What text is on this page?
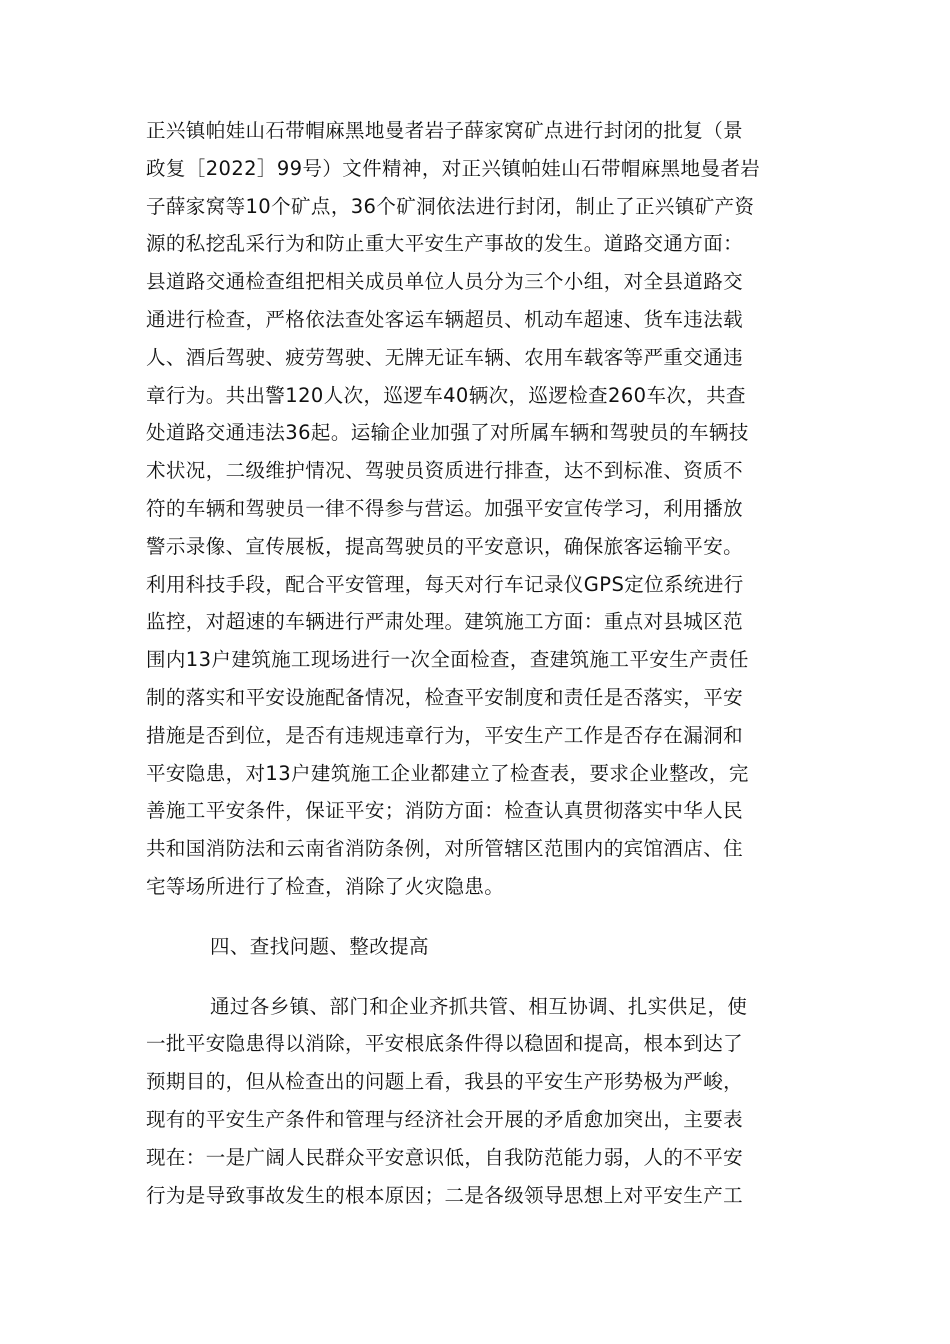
正兴镇帕娃山石带帽麻黑地曼者岩子薛家窝矿点进行封闭的批复（景
政复［2022］99号）文件精神，对正兴镇帕娃山石带帽麻黑地曼者岩
子薛家窝等10个矿点，36个矿洞依法进行封闭，制止了正兴镇矿产资
源的私挖乱采行为和防止重大平安生产事故的发生。道路交通方面：
县道路交通检查组把相关成员单位人员分为三个小组，对全县道路交
通进行检查，严格依法查处客运车辆超员、机动车超速、货车违法载
人、酒后驾驶、疲劳驾驶、无牌无证车辆、农用车载客等严重交通违
章行为。共出警120人次，巡逻车40辆次，巡逻检查260车次，共查
处道路交通违法36起。运输企业加强了对所属车辆和驾驶员的车辆技
术状况，二级维护情况、驾驶员资质进行排查，达不到标准、资质不
符的车辆和驾驶员一律不得参与营运。加强平安宣传学习，利用播放
警示录像、宣传展板，提高驾驶员的平安意识，确保旅客运输平安。
利用科技手段，配合平安管理，每天对行车记录仪GPS定位系统进行
监控，对超速的车辆进行严肃处理。建筑施工方面：重点对县城区范
围内13户建筑施工现场进行一次全面检查，查建筑施工平安生产责任
制的落实和平安设施配备情况，检查平安制度和责任是否落实，平安
措施是否到位，是否有违规违章行为，平安生产工作是否存在漏洞和
平安隐患，对13户建筑施工企业都建立了检查表，要求企业整改，完
善施工平安条件，保证平安；消防方面：检查认真贯彻落实中华人民
共和国消防法和云南省消防条例，对所管辖区范围内的宾馆酒店、住
宅等场所进行了检查，消除了火灾隐患。
四、查找问题、整改提高
通过各乡镇、部门和企业齐抓共管、相互协调、扎实供足，使
一批平安隐患得以消除，平安根底条件得以稳固和提高，根本到达了
预期目的，但从检查出的问题上看，我县的平安生产形势极为严峻，
现有的平安生产条件和管理与经济社会开展的矛盾愈加突出，主要表
现在：一是广阔人民群众平安意识低，自我防范能力弱，人的不平安
行为是导致事故发生的根本原因；二是各级领导思想上对平安生产工
